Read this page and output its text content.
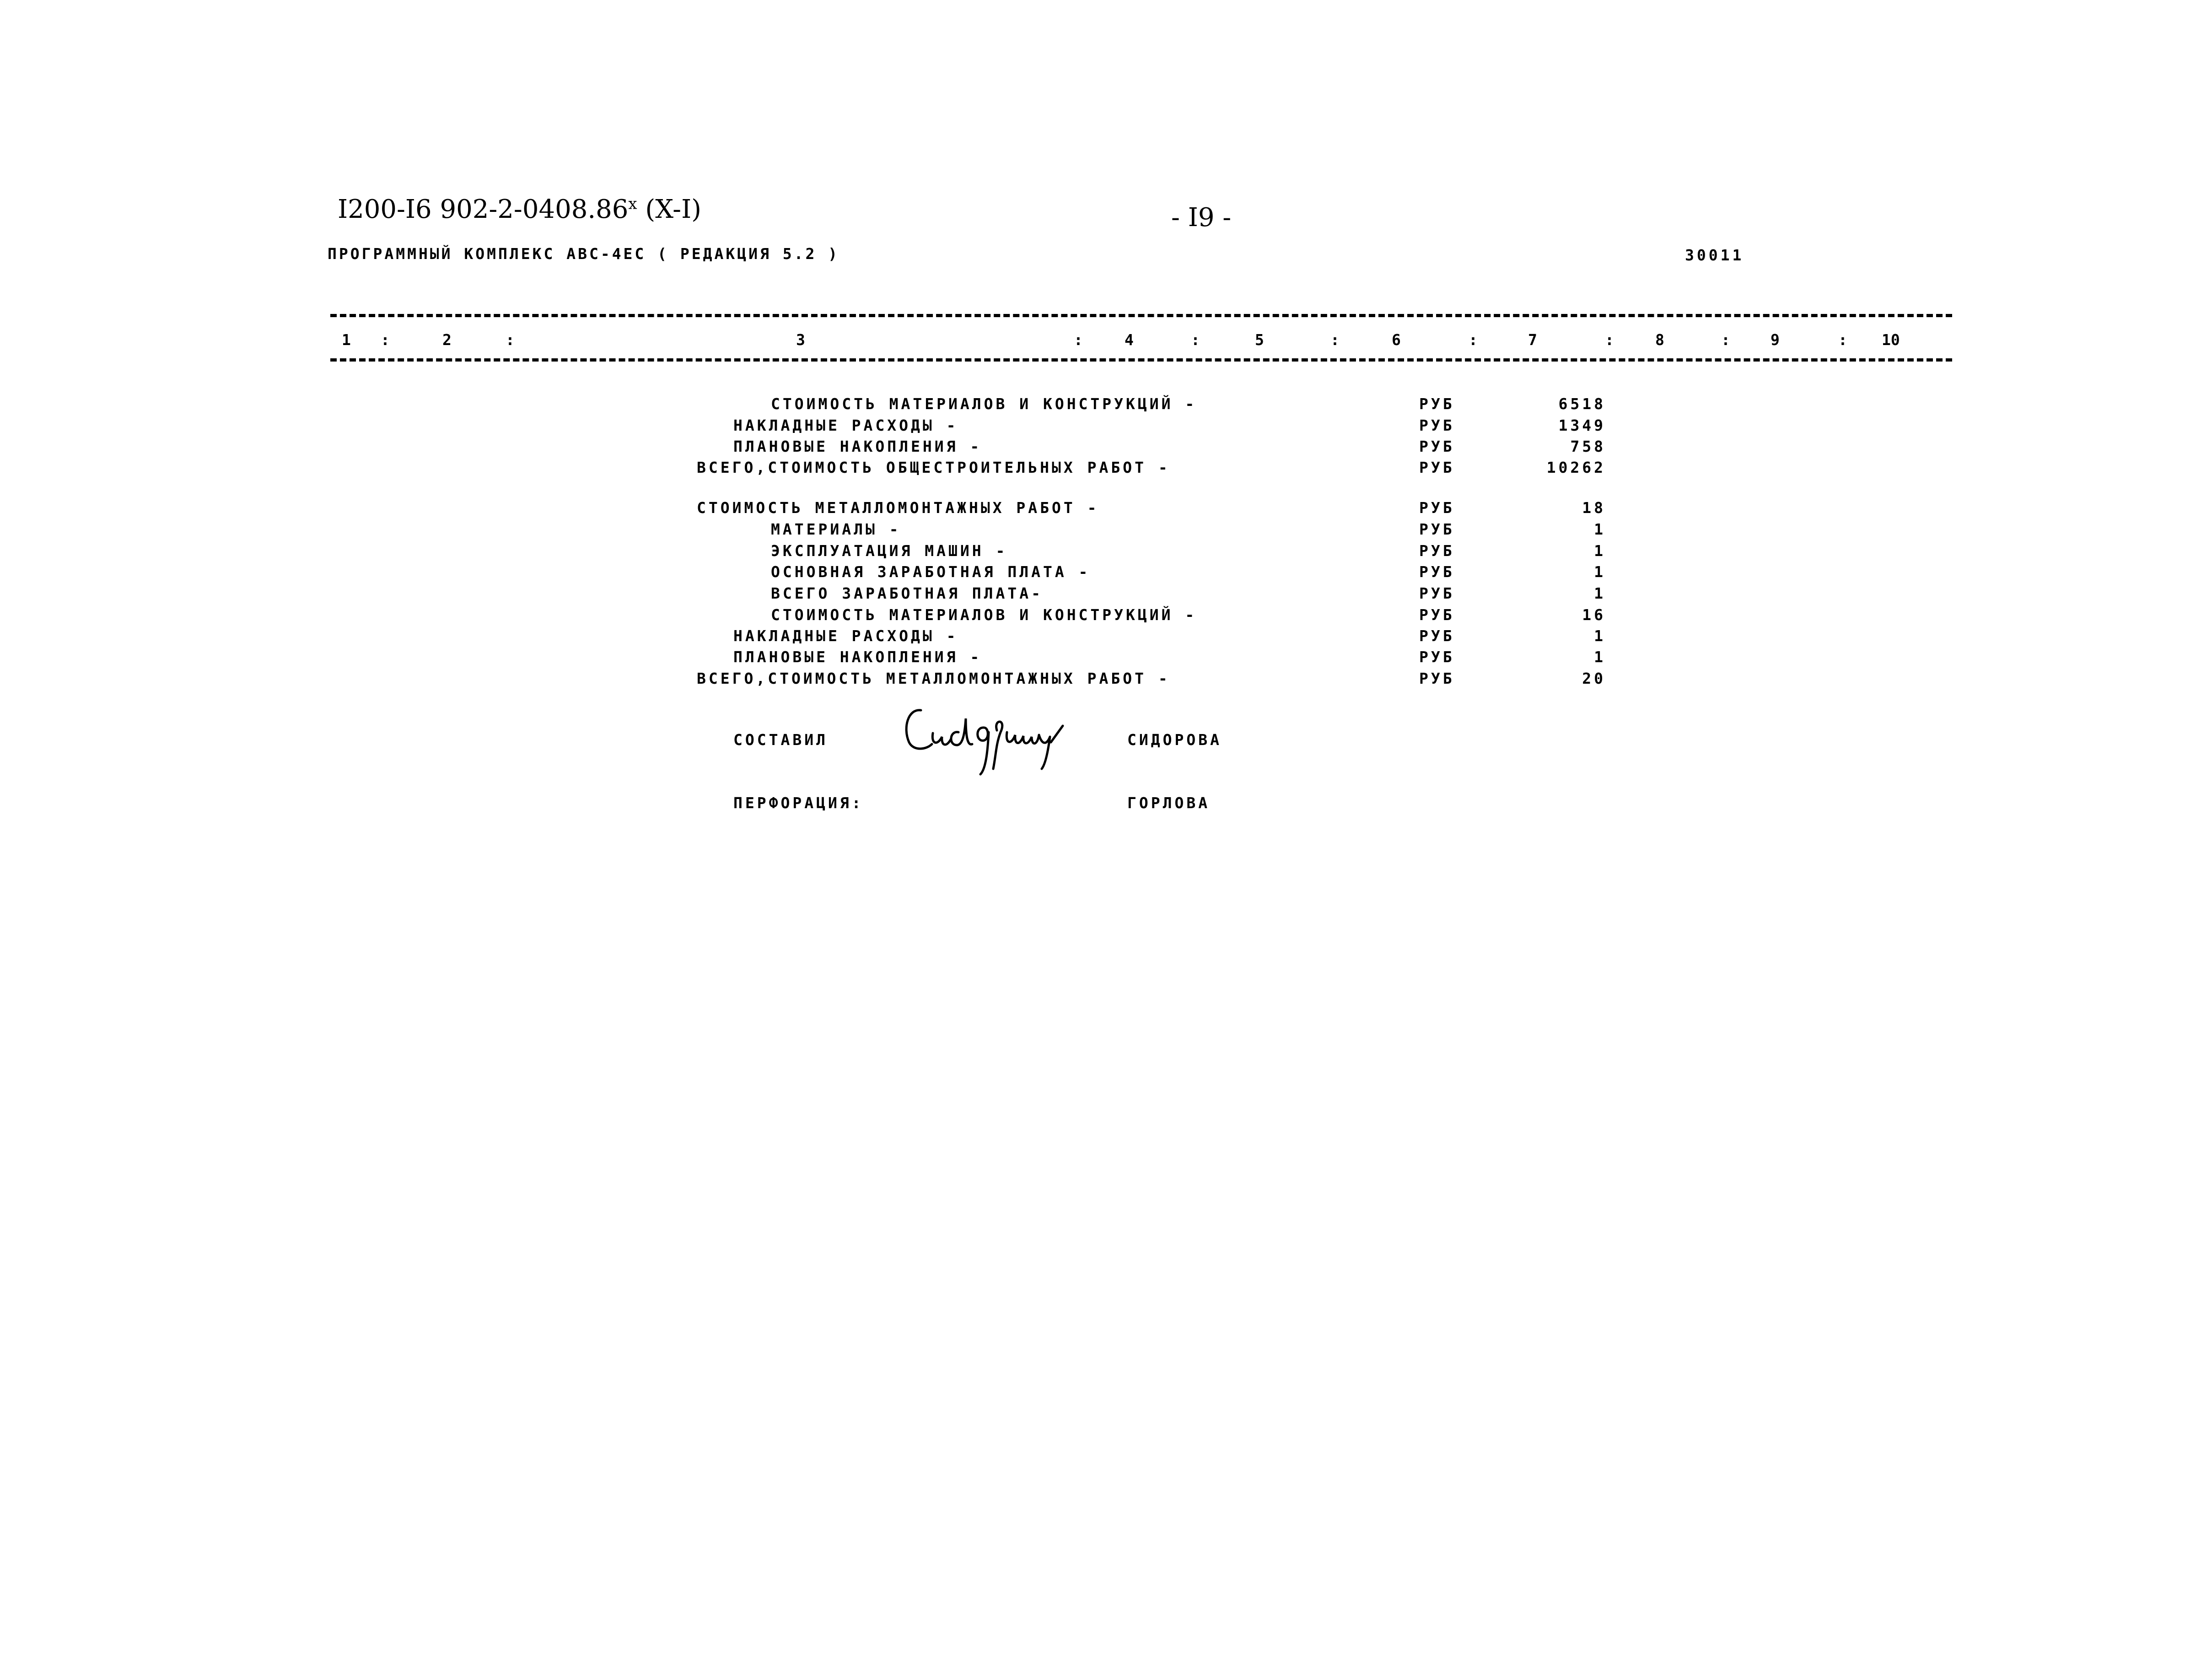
I200-I6 $902-2-0408.86^х$ (X-I)	- I9 -
ПРОГРАММНЫЙ КОМПЛЕКС АВС-4ЕС ( РЕДАКЦИЯ 5.2 )	30011
1 :	2	:	3	:	4	:	5	:	6	:	7	:	8	:	9	: 10
СТОИМОСТЬ МАТЕРИАЛОВ И КОНСТРУКЦИЙ -	РУБ	6518
НАКЛАДНЫЕ РАСХОДЫ -	РУБ	1349
ПЛАНОВЫЕ НАКОПЛЕНИЯ -	РУБ	758
ВСЕГО,СТОИМОСТЬ ОБЩЕСТРОИТЕЛЬНЫХ РАБОТ -	РУБ	10262
СТОИМОСТЬ МЕТАЛЛОМОНТАЖНЫХ РАБОТ -	РУБ	18
МАТЕРИАЛЫ -	РУБ	1
ЭКСПЛУАТАЦИЯ МАШИН -	РУБ	1
ОСНОВНАЯ ЗАРАБОТНАЯ ПЛАТА -	РУБ	1
ВСЕГО ЗАРАБОТНАЯ ПЛАТА-	РУБ	1
СТОИМОСТЬ МАТЕРИАЛОВ И КОНСТРУКЦИЙ -	РУБ	16
НАКЛАДНЫЕ РАСХОДЫ -	РУБ	1
ПЛАНОВЫЕ НАКОПЛЕНИЯ -	РУБ	1
ВСЕГО,СТОИМОСТЬ МЕТАЛЛОМОНТАЖНЫХ РАБОТ -	РУБ	20
СОСТАВИЛ	СИДОРОВА
ПЕРФОРАЦИЯ:	ГОРЛОВА
